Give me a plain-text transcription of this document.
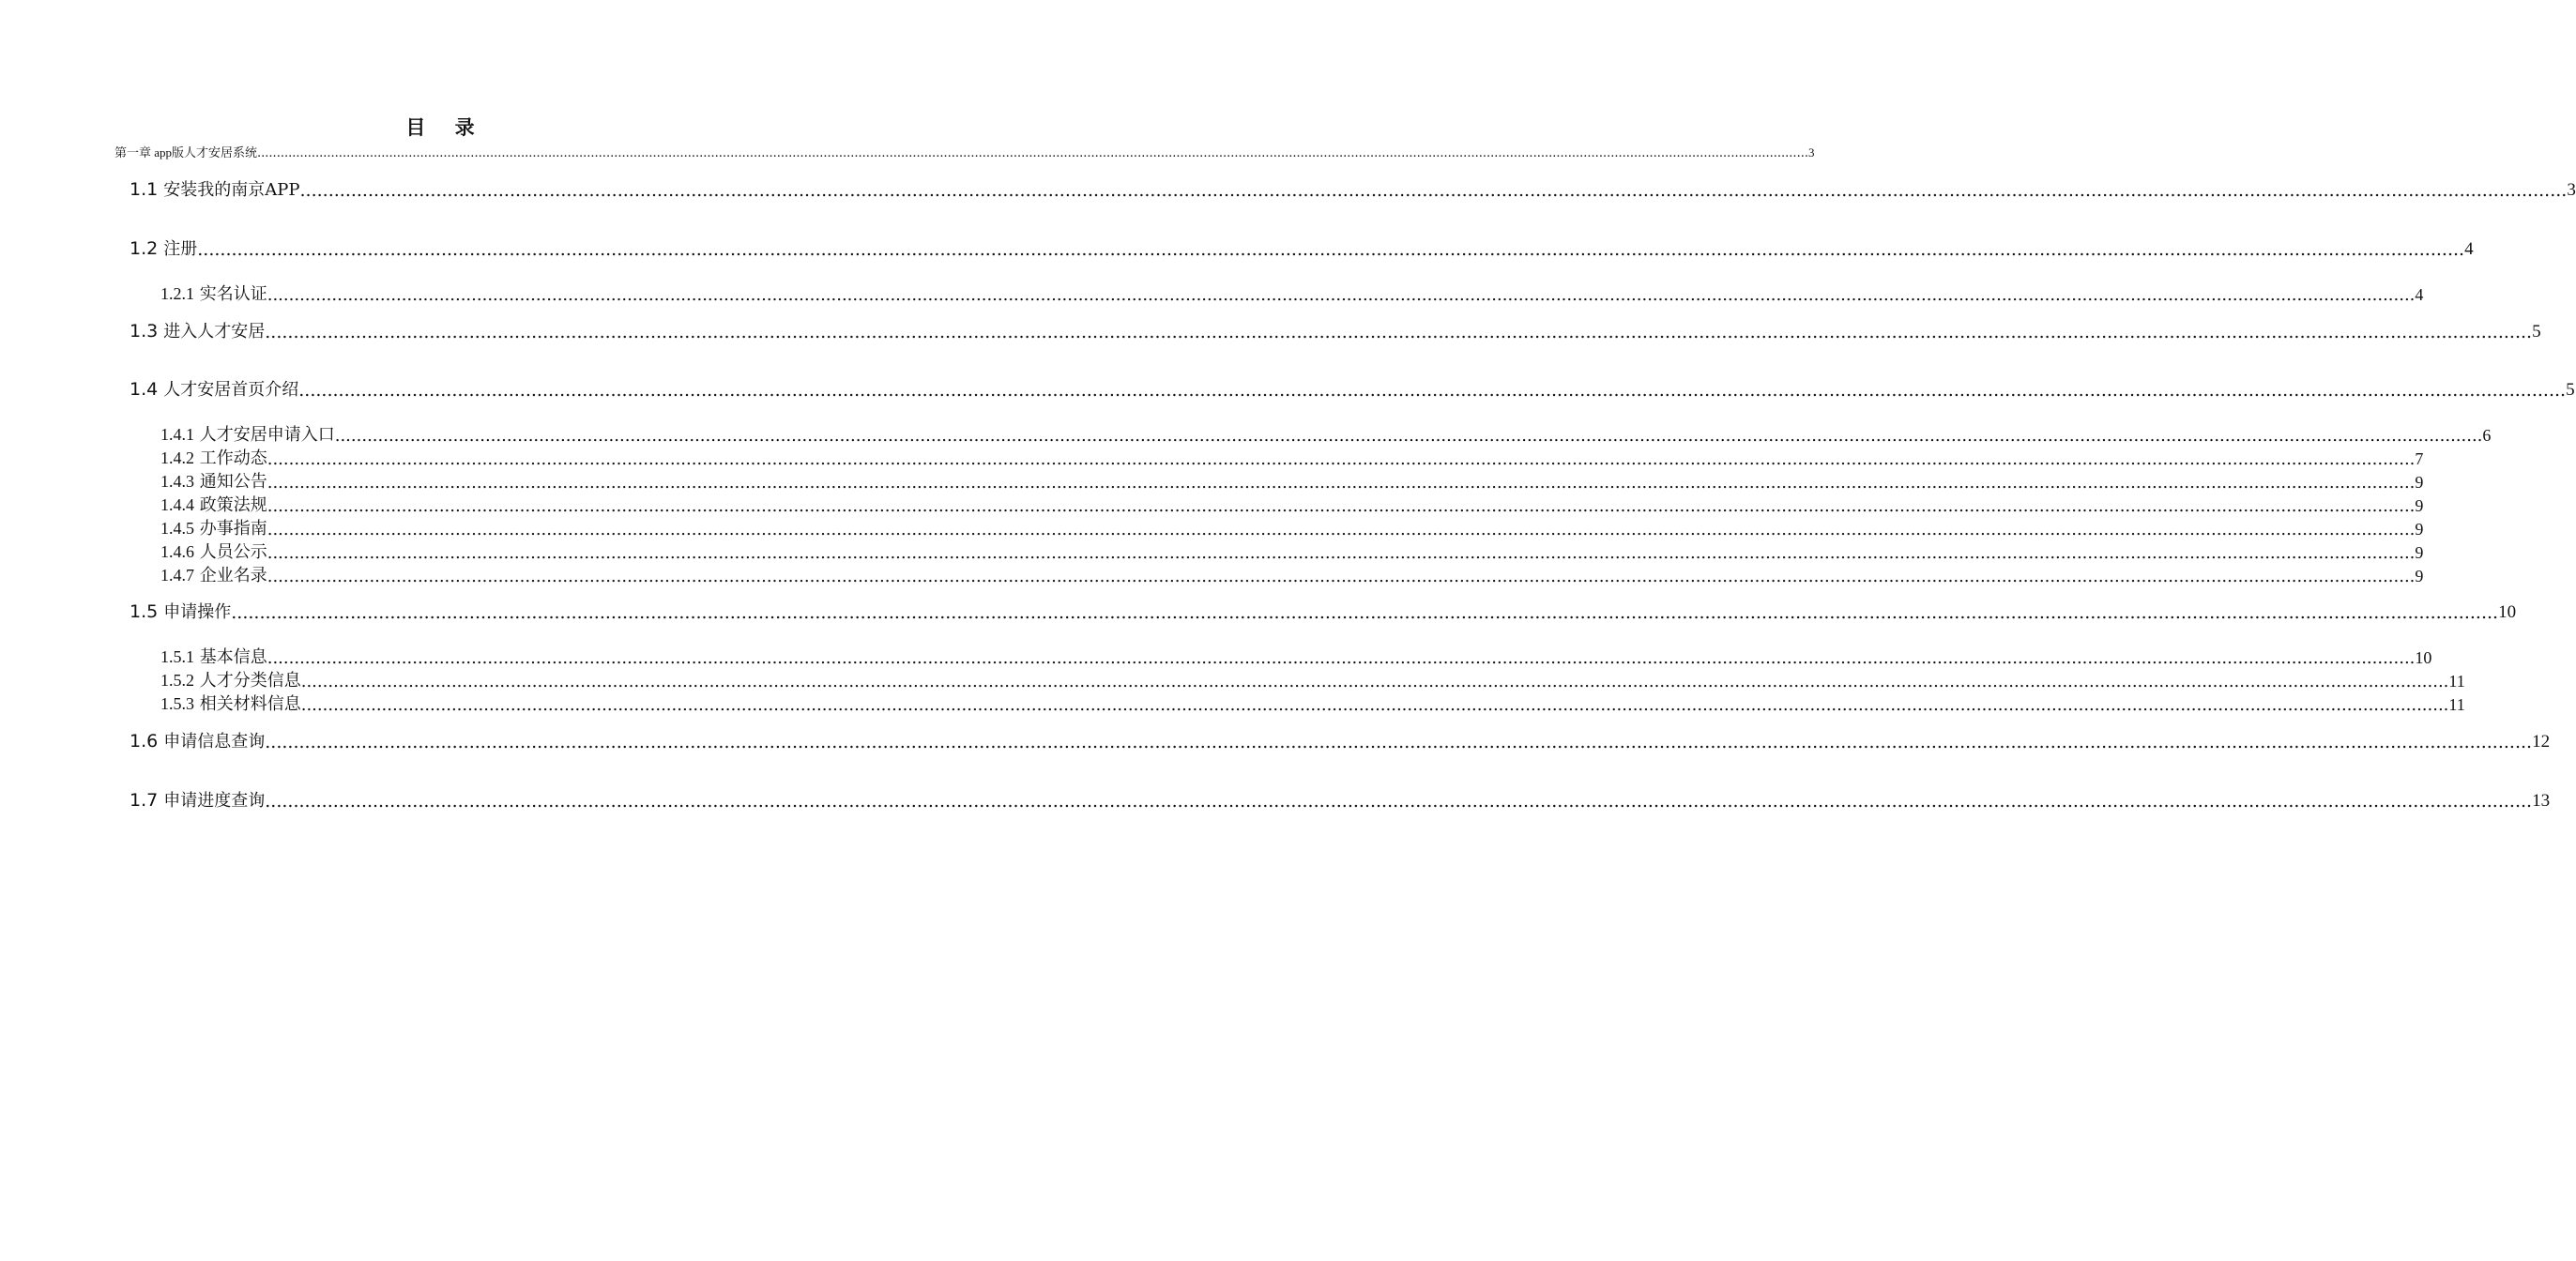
目 录
第一章 app版人才安居系统 ................................................................................................................................................................................................................................................................................................................................................................................................................ 3
1.1 安装我的南京APP ................................................................................................................................................................................................................................................................................................................................................................................................................ 3
1.2 注册 ................................................................................................................................................................................................................................................................................................................................................................................................................ 4
1.2.1 实名认证 ................................................................................................................................................................................................................................................................................................................................................................................................................ 4
1.3 进入人才安居 ................................................................................................................................................................................................................................................................................................................................................................................................................ 5
1.4 人才安居首页介绍 ................................................................................................................................................................................................................................................................................................................................................................................................................ 5
1.4.1 人才安居申请入口 ................................................................................................................................................................................................................................................................................................................................................................................................................ 6
1.4.2 工作动态 ................................................................................................................................................................................................................................................................................................................................................................................................................ 7
1.4.3 通知公告 ................................................................................................................................................................................................................................................................................................................................................................................................................ 9
1.4.4 政策法规 ................................................................................................................................................................................................................................................................................................................................................................................................................ 9
1.4.5 办事指南 ................................................................................................................................................................................................................................................................................................................................................................................................................ 9
1.4.6 人员公示 ................................................................................................................................................................................................................................................................................................................................................................................................................ 9
1.4.7 企业名录 ................................................................................................................................................................................................................................................................................................................................................................................................................ 9
1.5 申请操作 ................................................................................................................................................................................................................................................................................................................................................................................................................ 10
1.5.1 基本信息 ................................................................................................................................................................................................................................................................................................................................................................................................................ 10
1.5.2 人才分类信息 ................................................................................................................................................................................................................................................................................................................................................................................................................ 11
1.5.3 相关材料信息 ................................................................................................................................................................................................................................................................................................................................................................................................................ 11
1.6 申请信息查询 ................................................................................................................................................................................................................................................................................................................................................................................................................ 12
1.7 申请进度查询 ................................................................................................................................................................................................................................................................................................................................................................................................................ 13
